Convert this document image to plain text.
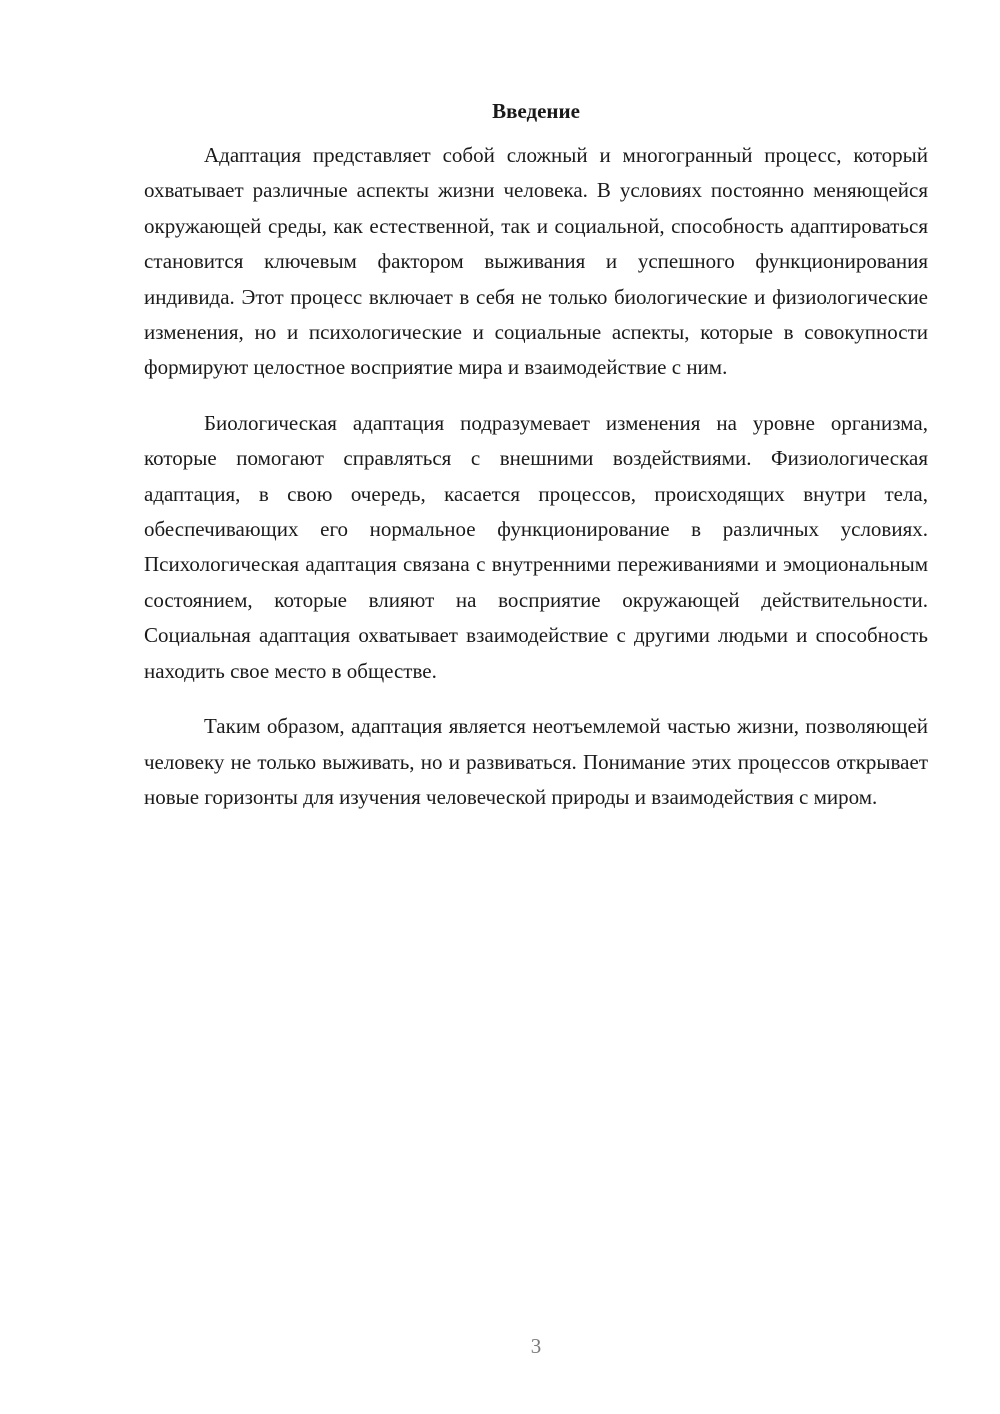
Введение

Адаптация представляет собой сложный и многогранный процесс, который охватывает различные аспекты жизни человека. В условиях постоянно меняющейся окружающей среды, как естественной, так и социальной, способность адаптироваться становится ключевым фактором выживания и успешного функционирования индивида. Этот процесс включает в себя не только биологические и физиологические изменения, но и психологические и социальные аспекты, которые в совокупности формируют целостное восприятие мира и взаимодействие с ним.

Биологическая адаптация подразумевает изменения на уровне организма, которые помогают справляться с внешними воздействиями. Физиологическая адаптация, в свою очередь, касается процессов, происходящих внутри тела, обеспечивающих его нормальное функционирование в различных условиях. Психологическая адаптация связана с внутренними переживаниями и эмоциональным состоянием, которые влияют на восприятие окружающей действительности. Социальная адаптация охватывает взаимодействие с другими людьми и способность находить свое место в обществе.

Таким образом, адаптация является неотъемлемой частью жизни, позволяющей человеку не только выживать, но и развиваться. Понимание этих процессов открывает новые горизонты для изучения человеческой природы и взаимодействия с миром.

3
